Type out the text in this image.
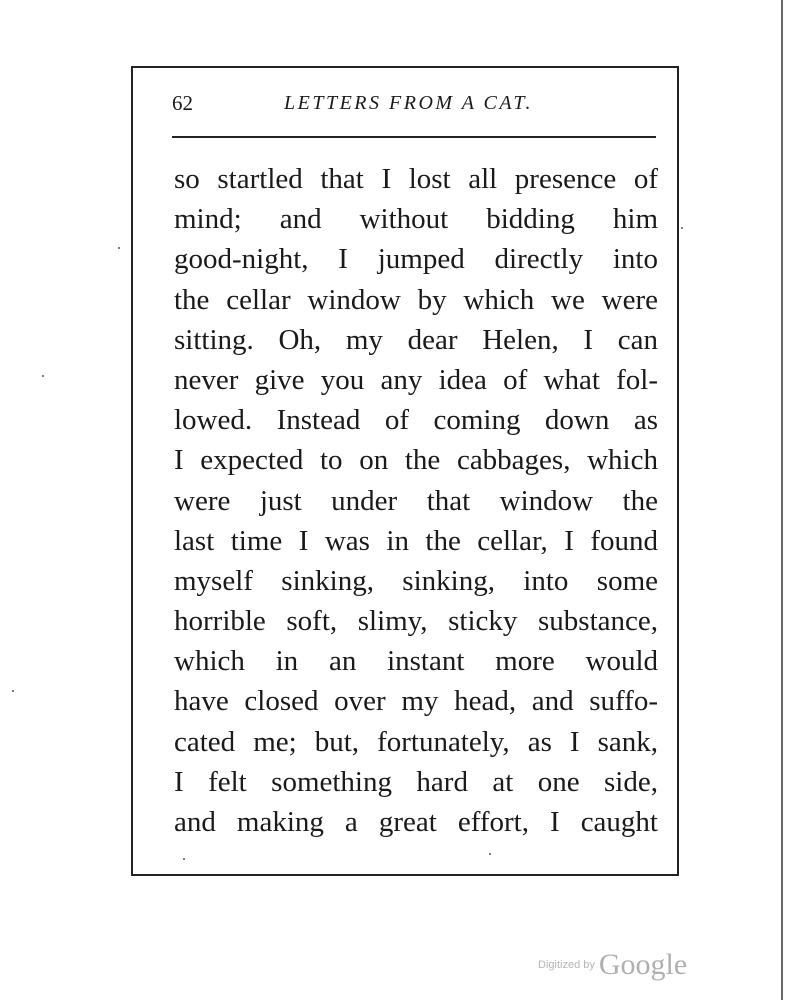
62	LETTERS FROM A CAT.
so startled that I lost all presence of
mind; and without bidding him
good-night, I jumped directly into
the cellar window by which we were
sitting. Oh, my dear Helen, I can
never give you any idea of what fol-
lowed. Instead of coming down as
I expected to on the cabbages, which
were just under that window the
last time I was in the cellar, I found
myself sinking, sinking, into some
horrible soft, slimy, sticky substance,
which in an instant more would
have closed over my head, and suffo-
cated me; but, fortunately, as I sank,
I felt something hard at one side,
and making a great effort, I caught
Digitized by Google
